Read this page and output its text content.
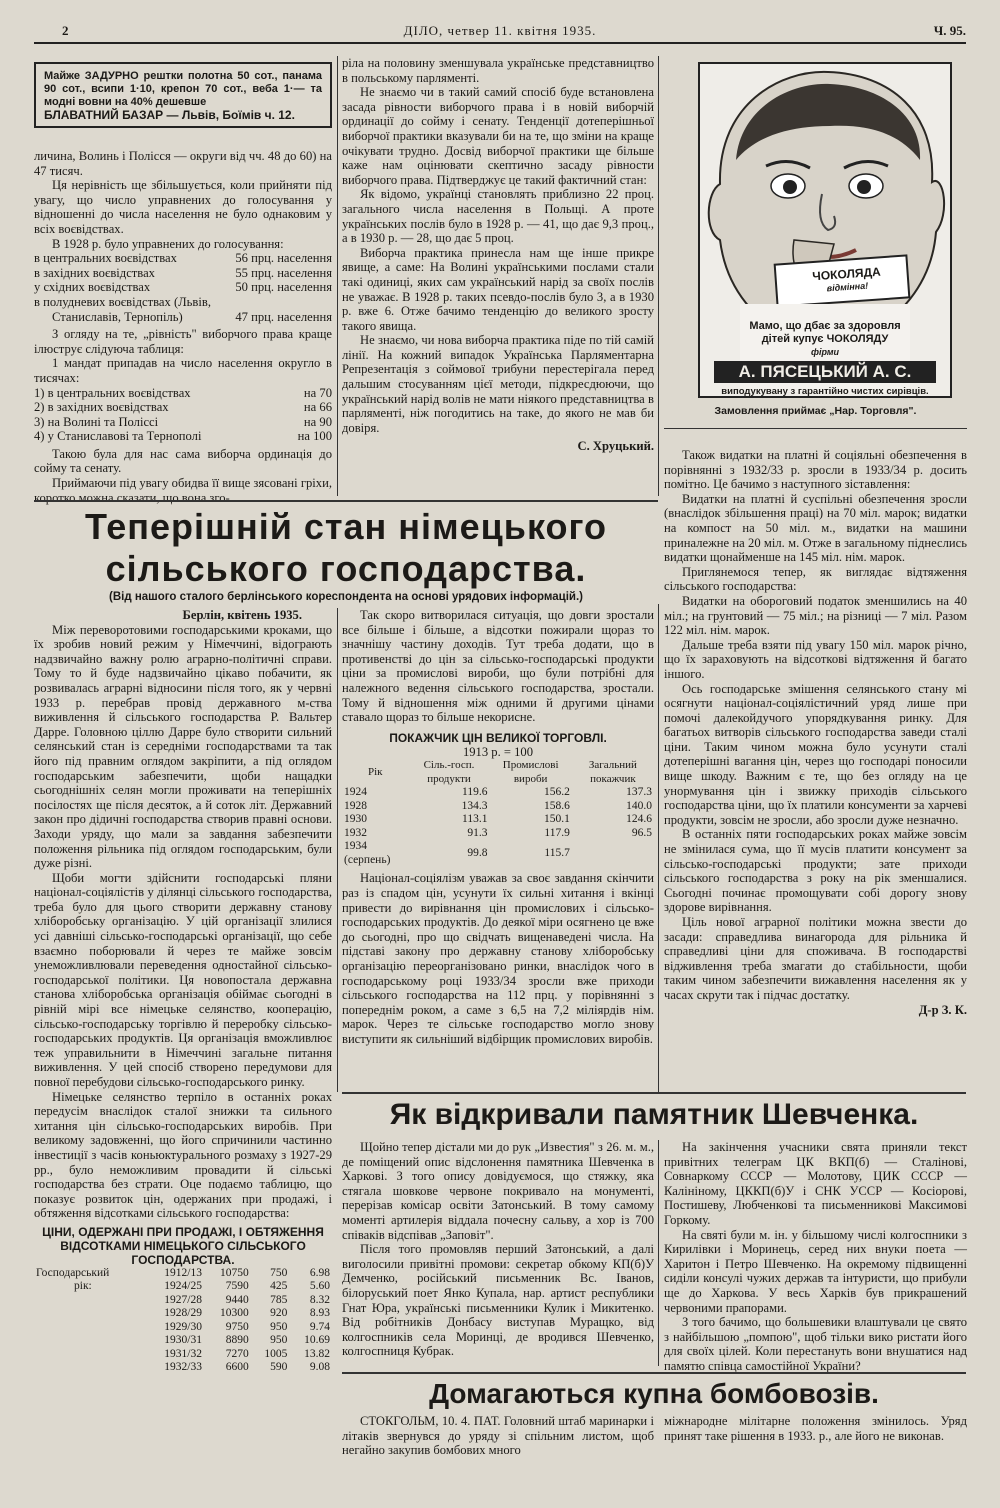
2	ДІЛО, четвер 11. квітня 1935.	Ч. 95.
Майже ЗАДУРНО рештки полотна 50 сот., панама 90 сот., всипи 1·10, крепон 70 сот., веба 1·— та модні вовни на 40% дешевше
БЛАВАТНИЙ БАЗАР — Львів, Боїмів ч. 12.

личина, Волинь і Полісся — округи від чч. 48 до 60) на 47 тисяч.

Ця нерівність ще збільшується, коли прийняти під увагу, що число управнених до голосування у відношенні до числа населення не було однаковим у всіх воєвідствах.

В 1928 р. було управнених до голосування:

в центральних воєвідствах	56 прц. населення
в західних воєвідствах	55 прц. населення
у східних воєвідствах	50 прц. населення
в полудневих воєвідствах (Львів,
Станиславів, Тернопіль)	47 прц. населення

З огляду на те, „рівність" виборчого права краще ілюструє слідуюча таблиця:

1 мандат припадав на число населення округло в тисячах:

1) в центральних воєвідствах	на 70
2) в західних воєвідствах	на 66
3) на Волині та Поліссі	на 90
4) у Станиславові та Тернополі	на 100

Такою була для нас сама виборча ординація до сойму та сенату.

Приймаючи під увагу обидва її вище зясовані гріхи, коротко можна сказати, що вона зго-

ріла на половину зменшувала українське представництво в польському парляменті.

Не знаємо чи в такий самий спосіб буде встановлена засада рівности виборчого права і в новій виборчій ординації до сойму і сенату. Тенденції дотеперішньої виборчої практики вказували би на те, що зміни на краще очікувати трудно. Досвід виборчої практики ще більше каже нам оцінювати скептично засаду рівности виборчого права. Підтверджує це такий фактичний стан:

Як відомо, українці становлять приблизно 22 проц. загального числа населення в Польщі. А проте українських послів було в 1928 р. — 41, що дає 9,3 проц., а в 1930 р. — 28, що дає 5 проц.

Виборча практика принесла нам ще інше прикре явище, а саме: На Волині українськими послами стали такі одиниці, яких сам український нарід за своїх послів не уважає. В 1928 р. таких псевдо-послів було 3, а в 1930 р. вже 6. Отже бачимо тенденцію до великого зросту такого явища.

Не знаємо, чи нова виборча практика піде по тій самій лінії. На кожний випадок Українська Парляментарна Репрезентація з соймової трибуни перестерігала перед дальшим стосуванням цієї методи, підкресдюючи, що український нарід волів не мати ніякого представництва в парляменті, ніж погодитись на таке, до якого не мав би довіря.

С. Хруцький.
ЧОКОЛЯДА
відмінна!
Мамо, що дбає за здоровля
дітей купує ЧОКОЛЯДУ
фірми
А. ПЯСЕЦЬКИЙ А. С.
виподукувану з гарантійно чистих сирівців.
Замовлення приймає „Нар. Торговля".

Також видатки на платні й соціяльні обезпечення в порівнянні з 1932/33 р. зросли в 1933/34 р. досить помітно. Це бачимо з наступного зіставлення:

Видатки на платні й суспільні обезпечення зросли (внаслідок збільшення праці) на 70 міл. марок; видатки на компост на 50 міл. м., видатки на машини приналежне на 20 міл. м. Отже в загальному піднеслись видатки щонайменше на 145 міл. нім. марок.

Приглянемося тепер, як виглядає відтяження сільського господарства:

Видатки на обороговий податок зменшились на 40 міл.; на грунтовий — 75 міл.; на різниці — 7 міл. Разом 122 міл. нім. марок.

Дальше треба взяти під увагу 150 міл. марок річно, що їх зараховують на відсоткові відтяження й багато іншого.

Ось господарське змішення селянського стану мі осягнути націонал-соціялістичний уряд лише при помочі далекойдучого упорядкування ринку. Для багатьох витворів сільського господарства заведи сталі ціни. Таким чином можна було усунути сталі дотеперішні вагання цін, через що господарі поносили вище шкоду. Важним є те, що без огляду на це унормування цін і звижку приходів сільського господарства ціни, що їх платили консументи за харчеві продукти, зовсім не зросли, або зросли дуже незначно.

В останніх пяти господарських роках майже зовсім не змінилася сума, що її мусів платити консумент за сільсько-господарські продукти; зате приходи сільського господарства з року на рік зменшалися. Сьогодні починає промощувати собі дорогу знову здорове вирівнання.

Ціль нової аграрної політики можна звести до засади: справедлива винагорода для рільника й справедливі ціни для споживача. В господарстві відживлення треба змагати до стабільности, щоби таким чином забезпечити вижавлення населення як у часах скрути так і підчас достатку.

Д-р З. К.
Теперішній стан німецького сільського господарства.
(Від нашого сталого берлінського кореспондента на основі урядових інформацій.)
Берлін, квітень 1935.

Між переворотовими господарськими кроками, що їх зробив новий режим у Німеччині, відограють надзвичайно важну ролю аграрно-політичні справи. Тому то й буде надзвичайно цікаво побачити, як розвивалась аграрні відносини після того, як у червні 1933 р. перебрав провід державного м-ства виживлення й сільського господарства Р. Вальтер Дарре. Головною ціллю Дарре було створити сильний селянський стан із середніми господарствами та так його під правним оглядом закріпити, а під оглядом господарським забезпечити, щоби нащадки сьогоднішніх селян могли проживати на теперішніх посілостях ще після десяток, а й соток літ. Державний закон про дідичні господарства створив правні основи. Заходи уряду, що мали за завдання забезпечити положення рільника під оглядом господарським, були дуже різні.

Щоби могти здійснити господарські пляни націонал-соціялістів у ділянці сільського господарства, треба було для цього створити державну станову хліборобську організацію. У цій організації злилися усі давніші сільсько-господарські організації, що себе взаємно поборювали й через те майже зовсім унеможливлювали переведення одностайної сільсько-господарської політики. Ця новопостала державна станова хліборобська організація обіймає сьогодні в рівній мірі все німецьке селянство, кооперацію, сільсько-господарську торгівлю й переробку сільсько-господарських продуктів. Ця організація вможливлює теж управильнити в Німеччині загальне питання виживлення. У цей спосіб створено передумови для повної перебудови сільсько-господарського ринку.

Німецьке селянство терпіло в останніх роках передусім внаслідок сталої знижки та сильного хитання цін сільсько-господарських виробів. При великому задовженні, що його спричинили частинно інвестиції з часів коньюктурального розмаху з 1927-29 рр., було неможливим провадити й сільські господарства без страти. Оце подаємо таблицю, що показує розвиток цін, одержаних при продажі, і обтяження відсотками сільського господарства:

ЦІНИ, ОДЕРЖАНІ ПРИ ПРОДАЖІ, І ОБТЯЖЕННЯ ВІДСОТКАМИ НІМЕЦЬКОГО СІЛЬСЬКОГО ГОСПОДАРСТВА.
Господарський	1912/13	10750	750	6.98
рік:	1924/25	7590	425	5.60
	1927/28	9440	785	8.32
	1928/29	10300	920	8.93
	1929/30	9750	950	9.74
	1930/31	8890	950	10.69
	1931/32	7270	1005	13.82
	1932/33	6600	590	9.08

Так скоро витворилася ситуація, що довги зростали все більше і більше, а відсотки пожирали щораз то значнішу частину доходів. Тут треба додати, що в противенстві до цін за сільсько-господарські продукти ціни за промислові вироби, що були потрібні для належного ведення сільського господарства, зростали. Тому й відношення між одними й другими цінами ставало щораз то більше некорисне.

ПОКАЖЧИК ЦІН ВЕЛИКОЇ ТОРГОВЛІ.
1913 р. = 100
Рік	Сіль.-госп. продукти	Промислові вироби	Загальний покажчик
1924	119.6	156.2	137.3
1928	134.3	158.6	140.0
1930	113.1	150.1	124.6
1932	91.3	117.9	96.5
1934 (серпень)	99.8	115.7	

Націонал-соціялізм уважав за своє завдання скінчити раз із спадом цін, усунути їх сильні хитання і вкінці привести до вирівнання цін промислових і сільсько-господарських продуктів. До деякої міри осягнено це вже до сьогодні, про що свідчать вищенаведені числа. На підставі закону про державну станову хліборобську організацію переорганізовано ринки, внаслідок чого в господарському році 1933/34 зросли вже приходи сільського господарства на 112 прц. у порівнянні з попереднім роком, а саме з 6,5 на 7,2 міліярдів нім. марок. Через те сільське господарство могло знову виступити як сильніший відбірщик промислових виробів.

Як відкривали памятник Шевченка.

Щойно тепер дістали ми до рук „Известия" з 26. м. м., де поміщений опис відслонення памятника Шевченка в Харкові. З того опису довідуємося, що стяжку, яка стягала шовкове червоне покривало на монументі, перерізав комісар освіти Затонський. В тому самому моменті артилерія віддала почесну сальву, а хор із 700 співаків відспівав „Заповіт".

Після того промовляв перший Затонський, а далі виголосили привітні промови: секретар обкому КП(б)У Демченко, російський письменник Вс. Іванов, білоруський поет Янко Купала, нар. артист республики Гнат Юра, українські письменники Кулик і Микитенко. Від робітників Донбасу виступав Муращко, від колгоспників села Моринці, де вродився Шевченко, колгоспниця Кубрак.

На закінчення учасники свята приняли текст привітних телеграм ЦК ВКП(б) — Сталінові, Совнаркому СССР — Молотову, ЦИК СССР — Калініному, ЦККП(б)У і СНК УССР — Косіорові, Постишеву, Любченкові та письменникові Максимові Горкому.

На святі були м. ін. у більшому числі колгоспники з Кирилівки і Моринець, серед них внуки поета — Харитон і Петро Шевченко. На окремому підвищенні сиділи консулі чужих держав та інтуристи, що прибули ще до Харкова. У весь Харків був прикрашений червоними прапорами.

З того бачимо, що большевики влаштували це свято з найбільшою „помпою", щоб тільки вико ристати його для своїх цілей. Коли перестануть вони внушатися над памятю співца самостійної України?

Домагаються купна бомбовозів.

СТОКГОЛЬМ, 10. 4. ПАТ. Головний штаб маринарки і літаків звернувся до уряду зі спільним листом, щоб негайно закупив бомбових много

міжнародне мілітарне положення змінилось. Уряд принят таке рішення в 1933. р., але його не виконав.
